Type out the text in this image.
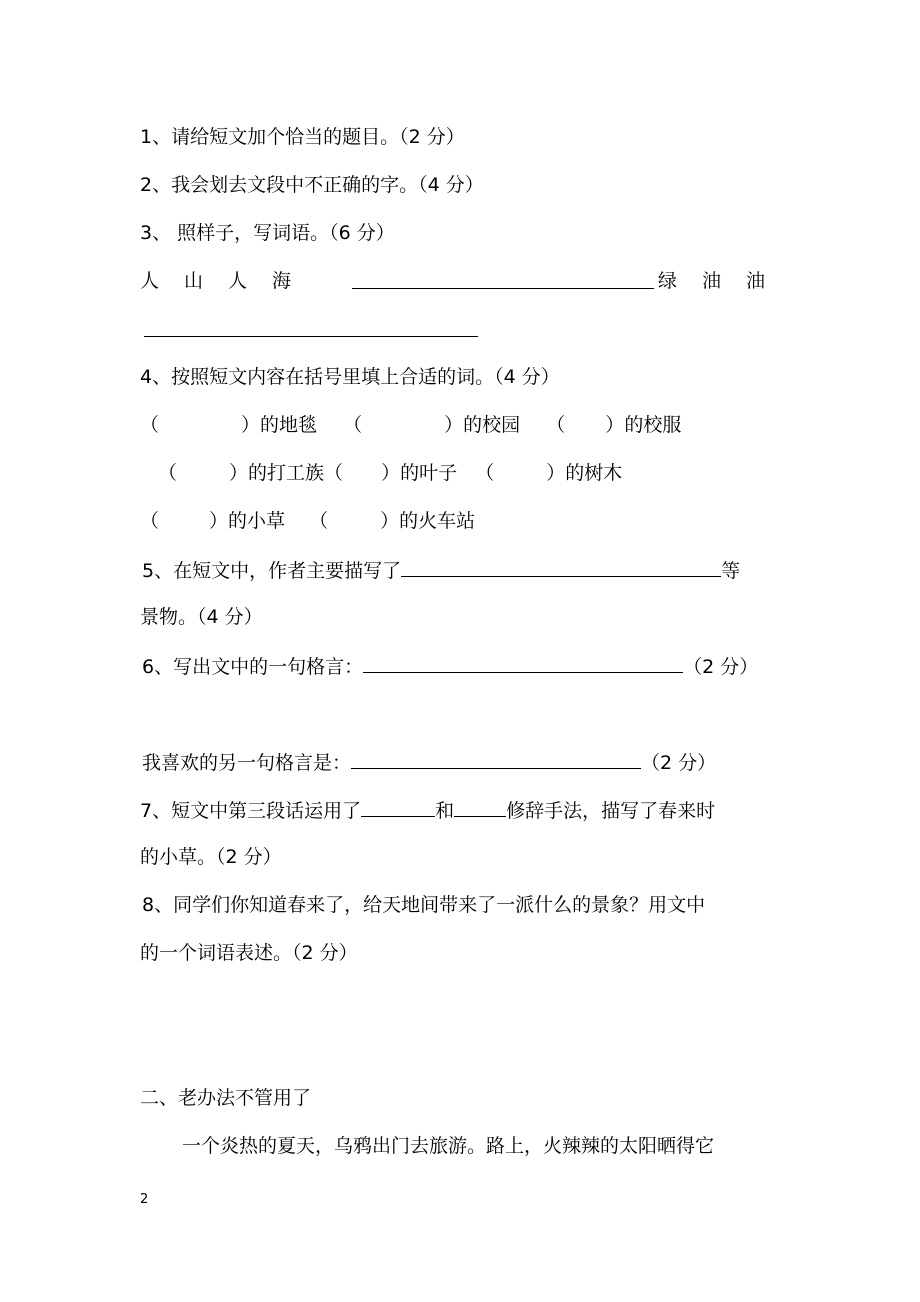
1、请给短文加个恰当的题目。（2 分）
2、我会划去文段中不正确的字。（4 分）
3、 照样子，写词语。（6 分）
人　山　人　海	绿　油　油
4、按照短文内容在括号里填上合适的词。（4 分）
（	）的地毯 （	）的校园 （ ）的校服
（	）的打工族（ ）的叶子 （	）的树木
（	）的小草 （	）的火车站
5、在短文中，作者主要描写了	等
景物。（4 分）
6、写出文中的一句格言：	（2 分）
我喜欢的另一句格言是：	（2 分）
7、短文中第三段话运用了	和	修辞手法，描写了春来时
的小草。（2 分）
8、同学们你知道春来了，给天地间带来了一派什么的景象？用文中
的一个词语表述。（2 分）
二、老办法不管用了
一个炎热的夏天，乌鸦出门去旅游。路上，火辣辣的太阳晒得它
2
